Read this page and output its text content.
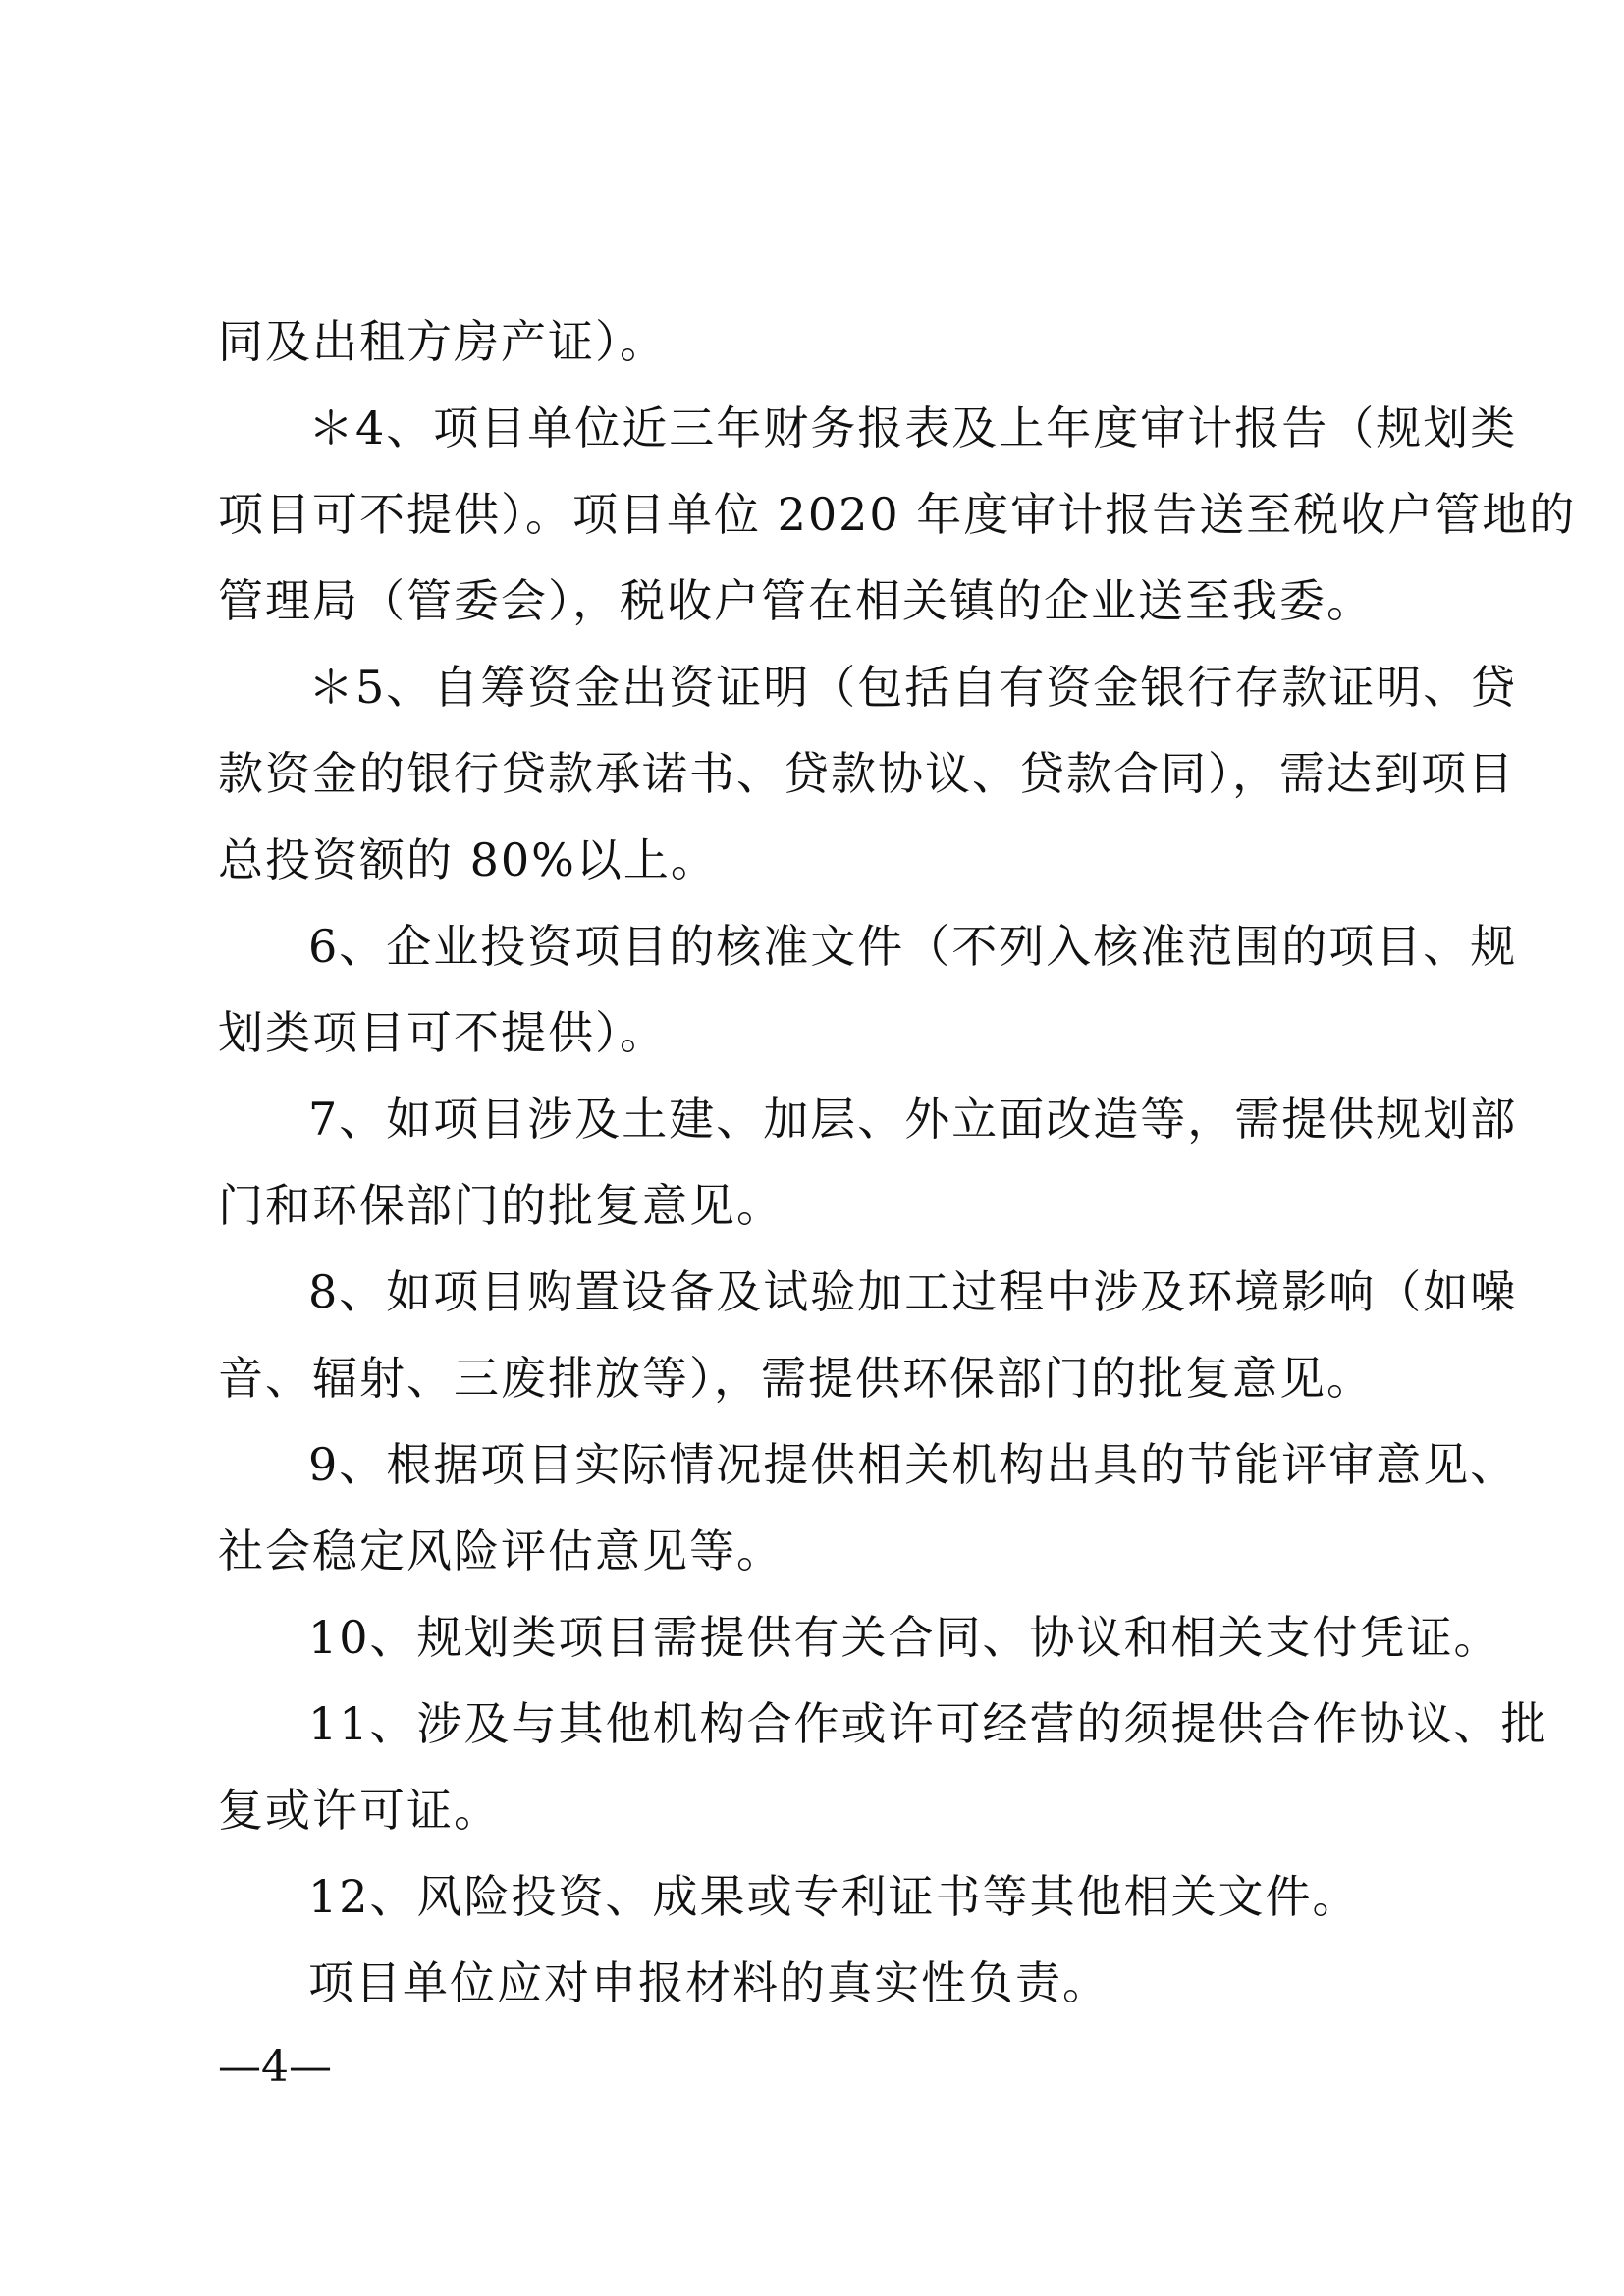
同及出租方房产证）。
＊4、项目单位近三年财务报表及上年度审计报告（规划类
项目可不提供）。项目单位 2020 年度审计报告送至税收户管地的
管理局（管委会），税收户管在相关镇的企业送至我委。
＊5、自筹资金出资证明（包括自有资金银行存款证明、贷
款资金的银行贷款承诺书、贷款协议、贷款合同），需达到项目
总投资额的 80%以上。
6、企业投资项目的核准文件（不列入核准范围的项目、规
划类项目可不提供）。
7、如项目涉及土建、加层、外立面改造等，需提供规划部
门和环保部门的批复意见。
8、如项目购置设备及试验加工过程中涉及环境影响（如噪
音、辐射、三废排放等），需提供环保部门的批复意见。
9、根据项目实际情况提供相关机构出具的节能评审意见、
社会稳定风险评估意见等。
10、规划类项目需提供有关合同、协议和相关支付凭证。
11、涉及与其他机构合作或许可经营的须提供合作协议、批
复或许可证。
12、风险投资、成果或专利证书等其他相关文件。
项目单位应对申报材料的真实性负责。
—4—
